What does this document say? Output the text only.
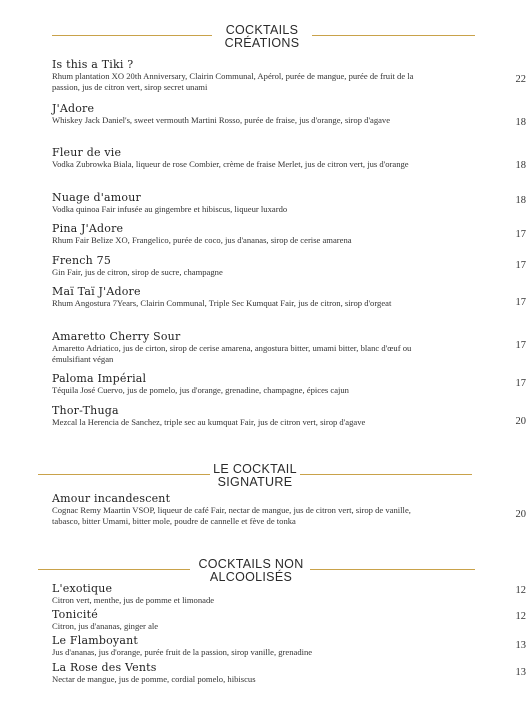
COCKTAILS
CRÉATIONS
Is this a Tiki ?
Rhum plantation XO 20th Anniversary, Clairin Communal, Apérol, purée de mangue, purée de fruit de la passion, jus de citron vert, sirop secret unami
22
J'Adore
Whiskey Jack Daniel's, sweet vermouth Martini Rosso, purée de fraise, jus d'orange, sirop d'agave	18
Fleur de vie
Vodka Zubrowka Biala, liqueur de rose Combier, crème de fraise Merlet, jus de citron vert, jus d'orange	18
Nuage d'amour
Vodka quinoa Fair infusée au gingembre et hibiscus, liqueur luxardo
18
Pina J'Adore
Rhum Fair Belize XO, Frangelico, purée de coco, jus d'ananas, sirop de cerise amarena	17
French 75
Gin Fair, jus de citron, sirop de sucre, champagne
17
Maï Taï J'Adore
Rhum Angostura 7Years, Clairin Communal, Triple Sec Kumquat Fair, jus de citron, sirop d'orgeat	17
Amaretto Cherry Sour
Amaretto Adriatico, jus de cirton, sirop de cerise amarena, angostura bitter, umami bitter, blanc d'œuf ou émulsifiant végan
17
Paloma Impérial
Téquila José Cuervo, jus de pomelo, jus d'orange, grenadine, champagne, épices cajun
17
Thor-Thuga
Mezcal la Herencia de Sanchez, triple sec au kumquat Fair, jus de citron vert, sirop d'agave	20
LE COCKTAIL
SIGNATURE
Amour incandescent
Cognac Remy Maartin VSOP, liqueur de café Fair, nectar de mangue, jus de citron vert, sirop de vanille, tabasco, bitter Umami, bitter mole, poudre de cannelle et fève de tonka
20
COCKTAILS NON
ALCOOLISÉS
L'exotique
Citron vert, menthe, jus de pomme et limonade
12
Tonicité
Citron, jus d'ananas, ginger ale
12
Le Flamboyant
Jus d'ananas, jus d'orange, purée fruit de la passion, sirop vanille, grenadine
13
La Rose des Vents
Nectar de mangue, jus de pomme, cordial pomelo, hibiscus
13
